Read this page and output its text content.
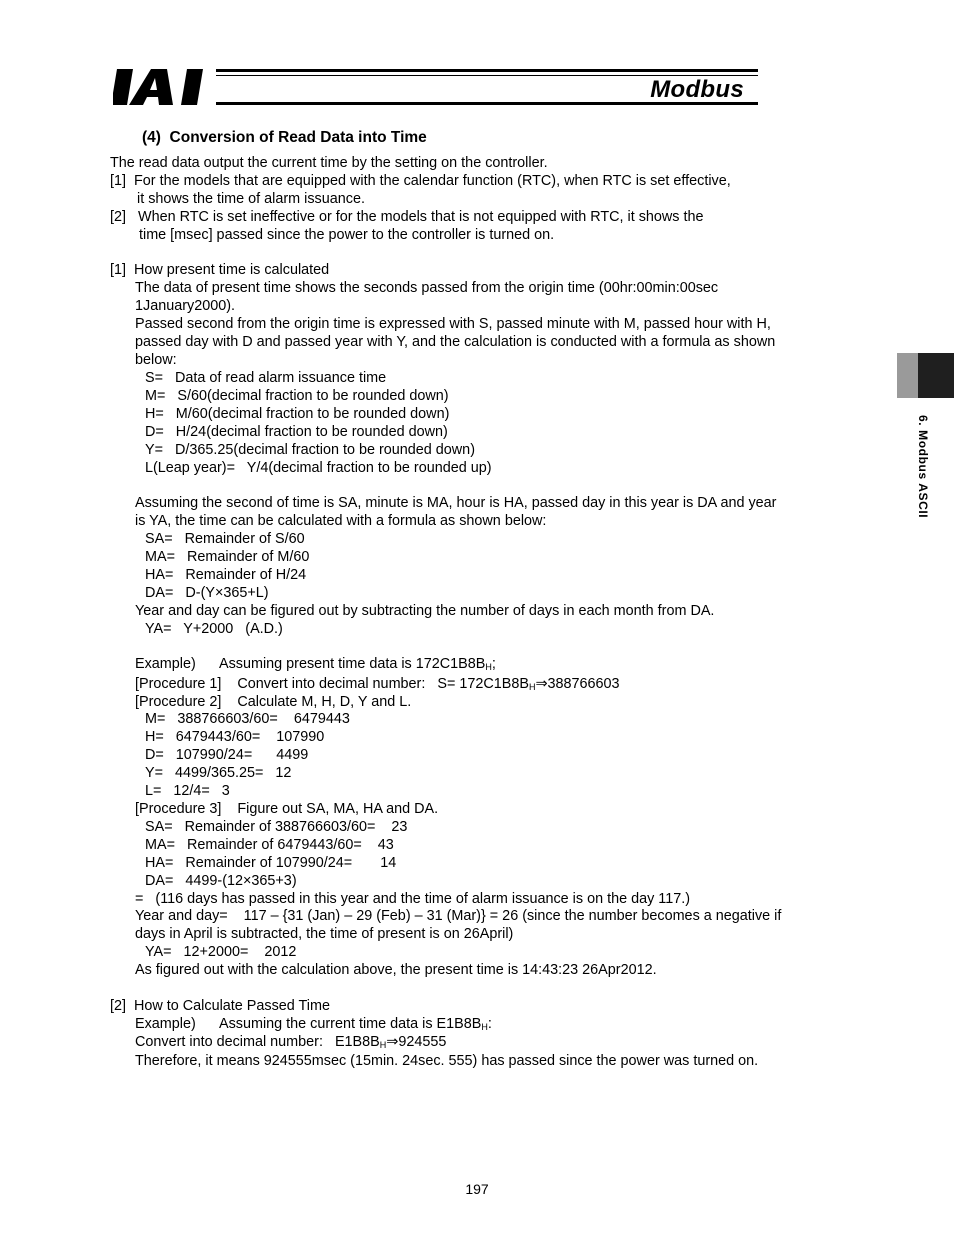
Modbus
6. Modbus ASCII
(4)  Conversion of Read Data into Time
The read data output the current time by the setting on the controller.
[1]  For the models that are equipped with the calendar function (RTC), when RTC is set effective,
it shows the time of alarm issuance.
[2]   When RTC is set ineffective or for the models that is not equipped with RTC, it shows the
time [msec] passed since the power to the controller is turned on.
[1]  How present time is calculated
The data of present time shows the seconds passed from the origin time (00hr:00min:00sec
1January2000).
Passed second from the origin time is expressed with S, passed minute with M, passed hour with H,
passed day with D and passed year with Y, and the calculation is conducted with a formula as shown
below:
S=   Data of read alarm issuance time
M=   S/60(decimal fraction to be rounded down)
H=   M/60(decimal fraction to be rounded down)
D=   H/24(decimal fraction to be rounded down)
Y=   D/365.25(decimal fraction to be rounded down)
L(Leap year)=   Y/4(decimal fraction to be rounded up)
Assuming the second of time is SA, minute is MA, hour is HA, passed day in this year is DA and year
is YA, the time can be calculated with a formula as shown below:
SA=   Remainder of S/60
MA=   Remainder of M/60
HA=   Remainder of H/24
DA=   D-(Y×365+L)
Year and day can be figured out by subtracting the number of days in each month from DA.
YA=   Y+2000   (A.D.)
Example)      Assuming present time data is $172C1B8B_H$;
[Procedure 1]    Convert into decimal number:   $S= 172C1B8B_H\Rightarrow 388766603$
[Procedure 2]    Calculate M, H, D, Y and L.
M=   388766603/60=    6479443
H=   6479443/60=    107990
D=   107990/24=      4499
Y=   4499/365.25=   12
L=   12/4=   3
[Procedure 3]    Figure out SA, MA, HA and DA.
SA=   Remainder of 388766603/60=    23
MA=   Remainder of 6479443/60=    43
HA=   Remainder of 107990/24=       14
DA=   4499-(12×365+3)
=   (116 days has passed in this year and the time of alarm issuance is on the day 117.)
Year and day=    117 – {31 (Jan) – 29 (Feb) – 31 (Mar)} = 26 (since the number becomes a negative if
days in April is subtracted, the time of present is on 26April)
YA=   12+2000=    2012
As figured out with the calculation above, the present time is 14:43:23 26Apr2012.
[2]  How to Calculate Passed Time
Example)      Assuming the current time data is $E1B8B_H$:
Convert into decimal number:   $E1B8B_H\Rightarrow 924555$
Therefore, it means 924555msec (15min. 24sec. 555) has passed since the power was turned on.
197
